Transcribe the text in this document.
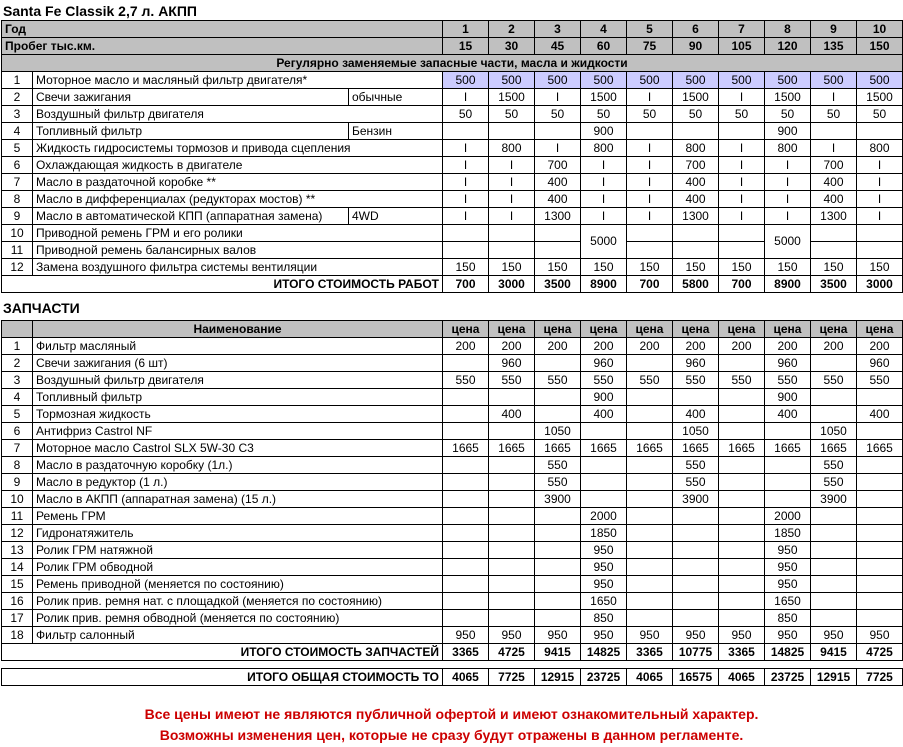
Santa Fe Classik 2,7 л. АКПП
Год			1	2	3	4	5	6	7	8	9	10
Пробег тыс.км.			15	30	45	60	75	90	105	120	135	150
Регулярно заменяемые запасные части, масла и жидкости												
1	Моторное масло и масляный фильтр двигателя*		500	500	500	500	500	500	500	500	500	500
2	Свечи зажигания	обычные	I	1500	I	1500	I	1500	I	1500	I	1500
3	Воздушный фильтр двигателя		50	50	50	50	50	50	50	50	50	50
4	Топливный фильтр	Бензин				900				900		
5	Жидкость гидросистемы тормозов и привода сцепления		I	800	I	800	I	800	I	800	I	800
6	Охлаждающая жидкость в двигателе		I	I	700	I	I	700	I	I	700	I
7	Масло в раздаточной коробке **		I	I	400	I	I	400	I	I	400	I
8	Масло в дифференциалах (редукторах мостов) **		I	I	400	I	I	400	I	I	400	I
9	Масло в автоматической КПП (аппаратная замена)	4WD	I	I	1300	I	I	1300	I	I	1300	I
10	Приводной ремень ГРМ и его ролики					5000				5000		
11	Приводной ремень балансирных валов											
12	Замена воздушного фильтра системы вентиляции		150	150	150	150	150	150	150	150	150	150
ИТОГО СТОИМОСТЬ РАБОТ			700	3000	3500	8900	700	5800	700	8900	3500	3000
ЗАПЧАСТИ
	Наименование	цена	цена	цена	цена	цена	цена	цена	цена	цена	цена
1	Фильтр масляный	200	200	200	200	200	200	200	200	200	200
2	Свечи зажигания (6 шт)		960		960		960		960		960
3	Воздушный фильтр двигателя	550	550	550	550	550	550	550	550	550	550
4	Топливный фильтр				900				900		
5	Тормозная жидкость		400		400		400		400		400
6	Антифриз Castrol NF			1050			1050			1050	
7	Моторное масло Castrol SLX 5W-30 C3	1665	1665	1665	1665	1665	1665	1665	1665	1665	1665
8	Масло в раздаточную коробку (1л.)			550			550			550	
9	Масло в редуктор (1 л.)			550			550			550	
10	Масло в АКПП (аппаратная замена) (15 л.)			3900			3900			3900	
11	Ремень ГРМ				2000				2000		
12	Гидронатяжитель				1850				1850		
13	Ролик ГРМ натяжной				950				950		
14	Ролик ГРМ обводной				950				950		
15	Ремень приводной (меняется по состоянию)				950				950		
16	Ролик прив. ремня нат. с площадкой (меняется по состоянию)				1650				1650		
17	Ролик прив. ремня обводной (меняется по состоянию)				850				850		
18	Фильтр салонный	950	950	950	950	950	950	950	950	950	950
ИТОГО СТОИМОСТЬ ЗАПЧАСТЕЙ		3365	4725	9415	14825	3365	10775	3365	14825	9415	4725
ИТОГО ОБЩАЯ СТОИМОСТЬ ТО	4065	7725	12915	23725	4065	16575	4065	23725	12915	7725
Все цены имеют не являются публичной офертой и имеют ознакомительный характер.
Возможны изменения цен, которые не сразу будут отражены в данном регламенте.
